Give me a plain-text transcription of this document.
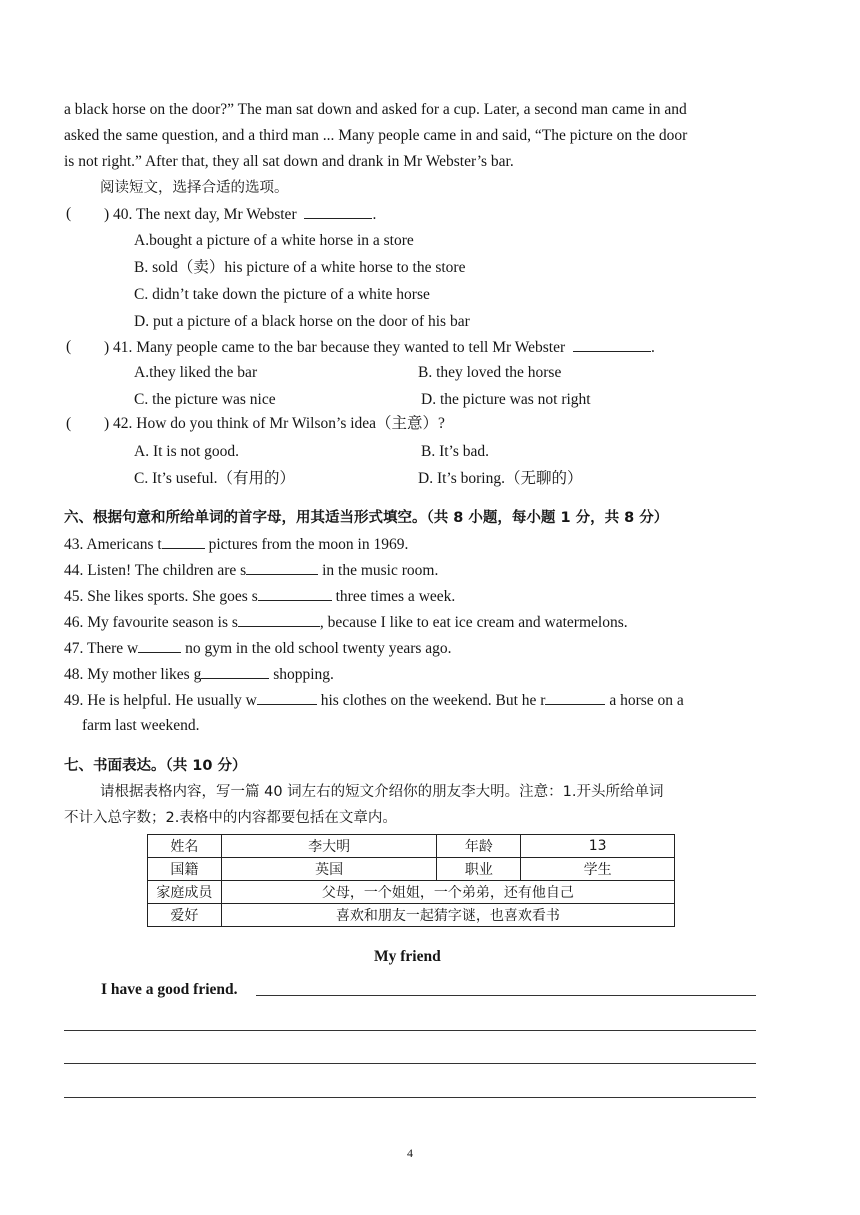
a black horse on the door?” The man sat down and asked for a cup. Later, a second man came in and
asked the same question, and a third man ... Many people came in and said, “The picture on the door
is not right.” After that, they all sat down and drank in Mr Webster’s bar.
阅读短文，选择合适的选项。
( ) 40. The next day, Mr Webster	.
A.bought a picture of a white horse in a store
B. sold（卖）his picture of a white horse to the store
C. didn’t take down the picture of a white horse
D. put a picture of a black horse on the door of his bar
( ) 41. Many people came to the bar because they wanted to tell Mr Webster	.
A.they liked the bar	B. they loved the horse
C. the picture was nice	D. the picture was not right
( ) 42. How do you think of Mr Wilson’s idea（主意）?
A. It is not good.	B. It’s bad.
C. It’s useful.（有用的）	D. It’s boring.（无聊的）
六、根据句意和所给单词的首字母，用其适当形式填空。（共 8 小题，每小题 1 分，共 8 分）
43. Americans t	pictures from the moon in 1969.
44. Listen! The children are s	in the music room.
45. She likes sports. She goes s	three times a week.
46. My favourite season is s	, because I like to eat ice cream and watermelons.
47. There w	no gym in the old school twenty years ago.
48. My mother likes g	shopping.
49. He is helpful. He usually w	his clothes on the weekend. But he r	a horse on a
farm last weekend.
七、书面表达。（共 10 分）
请根据表格内容，写一篇 40 词左右的短文介绍你的朋友李大明。注意：1.开头所给单词
不计入总字数；2.表格中的内容都要包括在文章内。
姓名	李大明	年龄	13
国籍	英国	职业	学生
家庭成员	父母，一个姐姐，一个弟弟，还有他自己		
爱好	喜欢和朋友一起猜字谜，也喜欢看书		
My friend
I have a good friend.
4
